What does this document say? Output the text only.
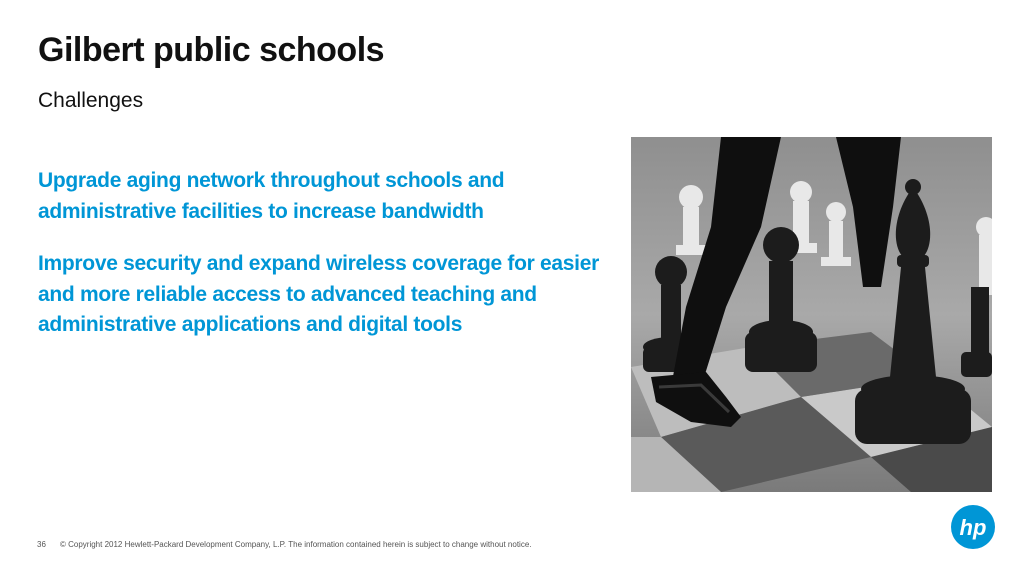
Gilbert public schools

Challenges

Upgrade aging network throughout schools and administrative facilities to increase bandwidth
Improve security and expand wireless coverage for easier and more reliable access to advanced teaching and administrative applications and digital tools
36 © Copyright 2012 Hewlett-Packard Development Company, L.P. The information contained herein is subject to change without notice.
hp
